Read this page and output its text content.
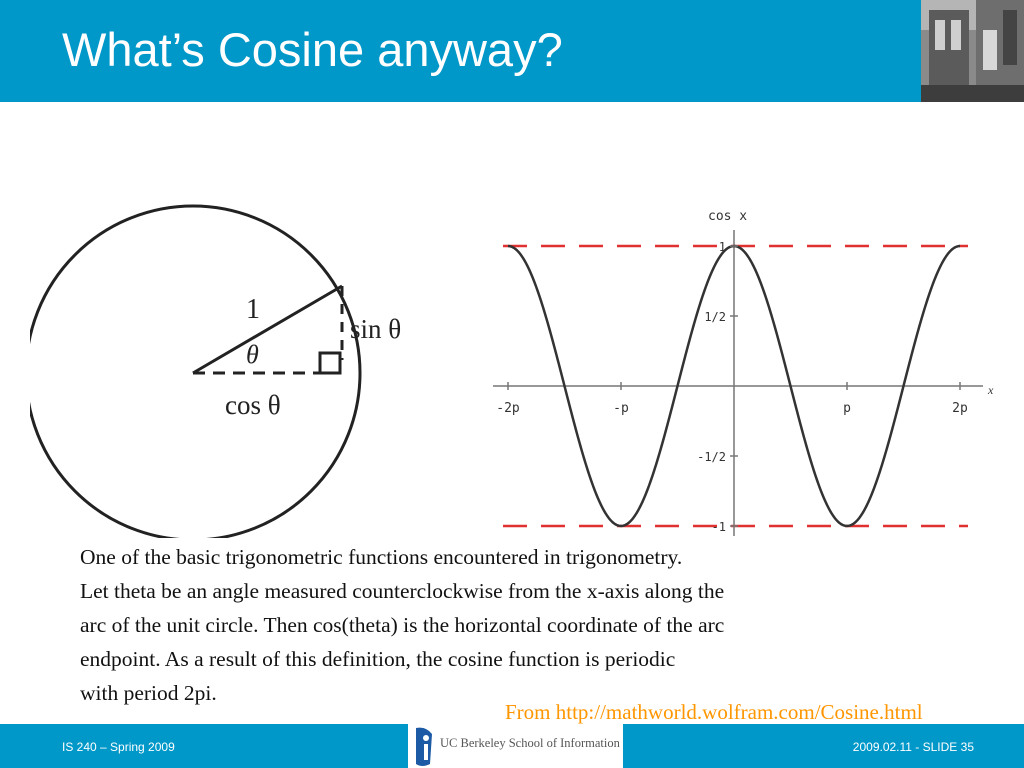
What’s Cosine anyway?
1
θ
sin θ
cos θ	-2p	-p	p	2p
1
1/2
-1/2
-1
cos x
x

One of the basic trigonometric functions encountered in trigonometry.
Let theta be an angle measured counterclockwise from the x-axis along the
arc of the unit circle. Then cos(theta) is the horizontal coordinate of the arc
endpoint. As a result of this definition, the cosine function is periodic
with period 2pi.

From http://mathworld.wolfram.com/Cosine.html
IS 240 – Spring 2009	UC Berkeley School of Information	2009.02.11 - SLIDE 35
